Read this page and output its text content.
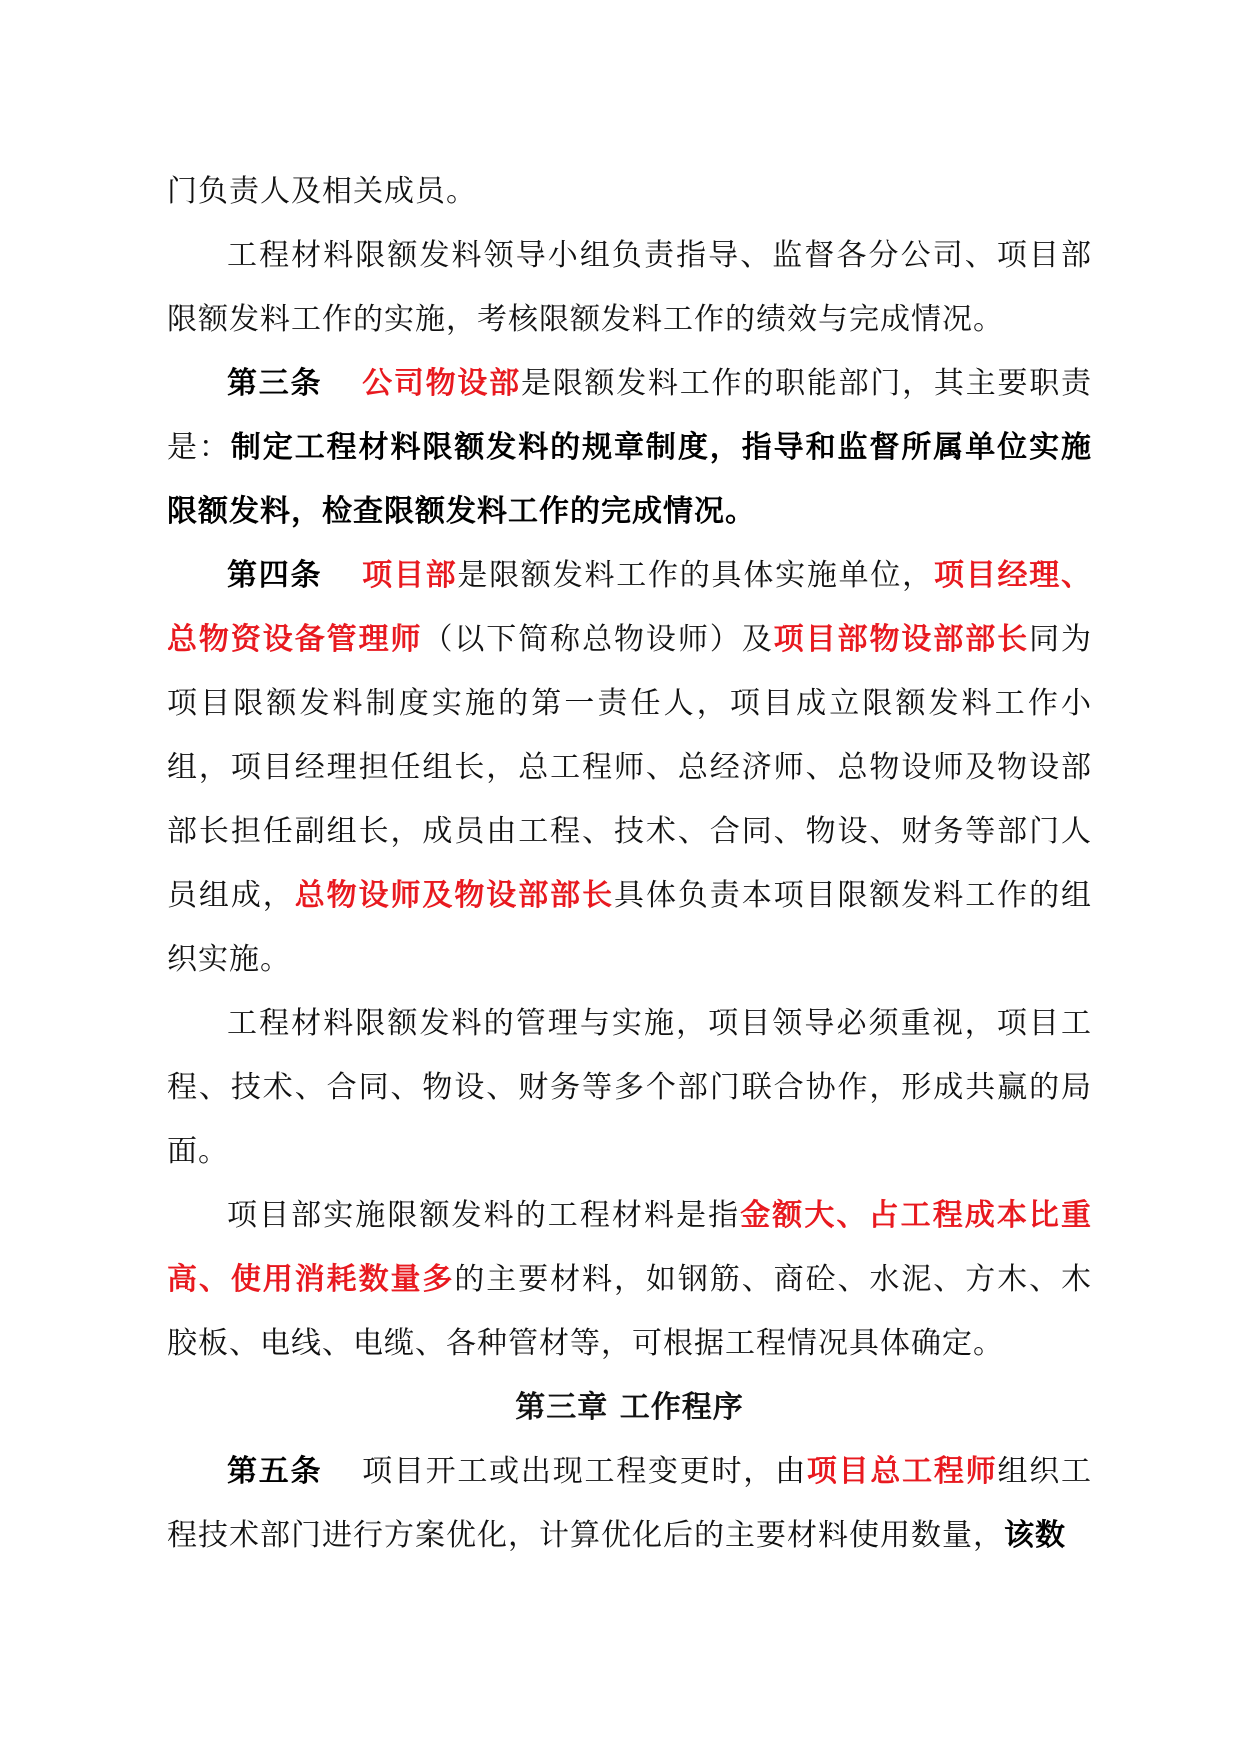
门负责人及相关成员。

工程材料限额发料领导小组负责指导、监督各分公司、项目部限额发料工作的实施，考核限额发料工作的绩效与完成情况。

第三条 公司物设部是限额发料工作的职能部门，其主要职责是：制定工程材料限额发料的规章制度，指导和监督所属单位实施限额发料，检查限额发料工作的完成情况。

第四条 项目部是限额发料工作的具体实施单位，项目经理、总物资设备管理师（以下简称总物设师）及项目部物设部部长同为项目限额发料制度实施的第一责任人，项目成立限额发料工作小组，项目经理担任组长，总工程师、总经济师、总物设师及物设部部长担任副组长，成员由工程、技术、合同、物设、财务等部门人员组成，总物设师及物设部部长具体负责本项目限额发料工作的组织实施。

工程材料限额发料的管理与实施，项目领导必须重视，项目工程、技术、合同、物设、财务等多个部门联合协作，形成共赢的局面。

项目部实施限额发料的工程材料是指金额大、占工程成本比重高、使用消耗数量多的主要材料，如钢筋、商砼、水泥、方木、木胶板、电线、电缆、各种管材等，可根据工程情况具体确定。

第三章 工作程序

第五条 项目开工或出现工程变更时，由项目总工程师组织工程技术部门进行方案优化，计算优化后的主要材料使用数量，该数
